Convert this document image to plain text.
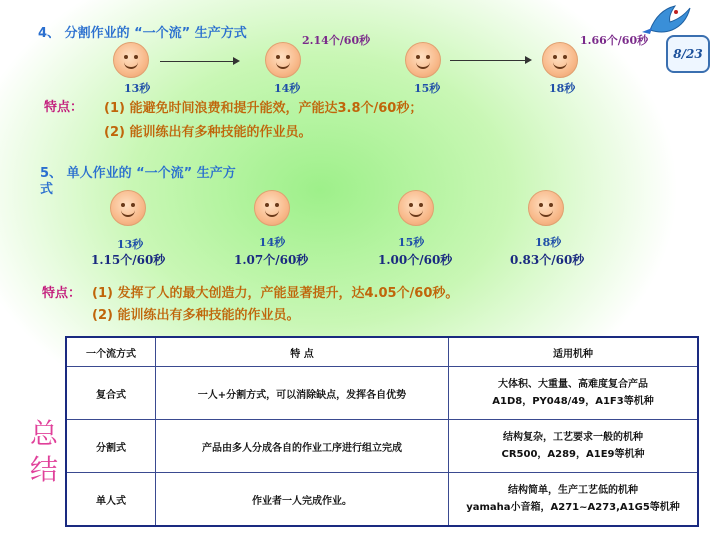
4、 分割作业的 “一个流” 生产方式	2.14个/60秒	1.66个/60秒
13秒	14秒	15秒	18秒
特点： (1) 能避免时间浪费和提升能效，产能达3.8个/60秒；
(2) 能训练出有多种技能的作业员。
8/23
5、 单人作业的 “一个流” 生产方
式
13秒	14秒	15秒	18秒
1.15个/60秒	1.07个/60秒	1.00个/60秒	0.83个/60秒
特点： (1) 发挥了人的最大创造力，产能显著提升，达4.05个/60秒。
(2) 能训练出有多种技能的作业员。
总
结
一个流方式	特 点	适用机种
复合式	一人+分割方式，可以消除缺点，发挥各自优势	大体积、大重量、高难度复合产品
A1D8，PY048/49，A1F3等机种

分割式	产品由多人分成各自的作业工序进行组立完成	结构复杂，工艺要求一般的机种
CR500，A289，A1E9等机种

单人式	作业者一人完成作业。	结构简单，生产工艺低的机种
yamaha小音箱，A271~A273,A1G5等机种
